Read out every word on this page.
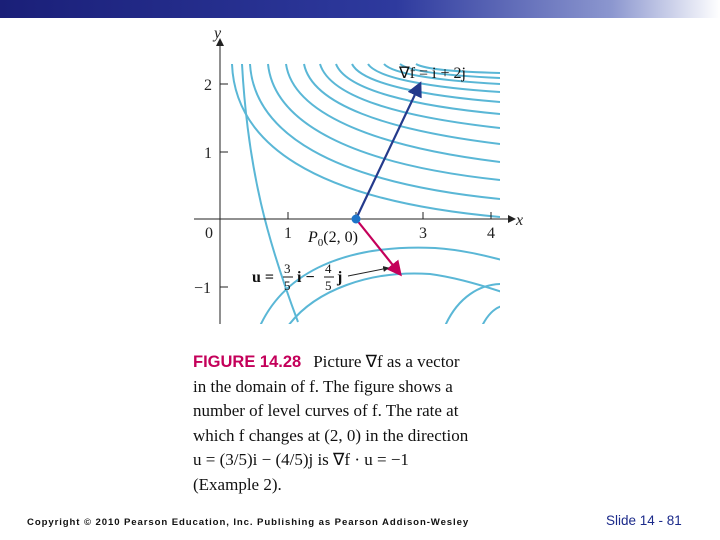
0	1	3	4
2
1
−1
x
y
∇f = i + 2j
$P_0(2$, 0)
u =
3
5 i −
4
5 j
FIGURE 14.28 Picture ∇f as a vector
in the domain of f. The figure shows a
number of level curves of f. The rate at
which f changes at (2, 0) in the direction
u = (3/5)i − (4/5)j is ∇f · u = −1
(Example 2).
Copyright © 2010 Pearson Education, Inc. Publishing as Pearson Addison-Wesley	Slide 14 - 81
